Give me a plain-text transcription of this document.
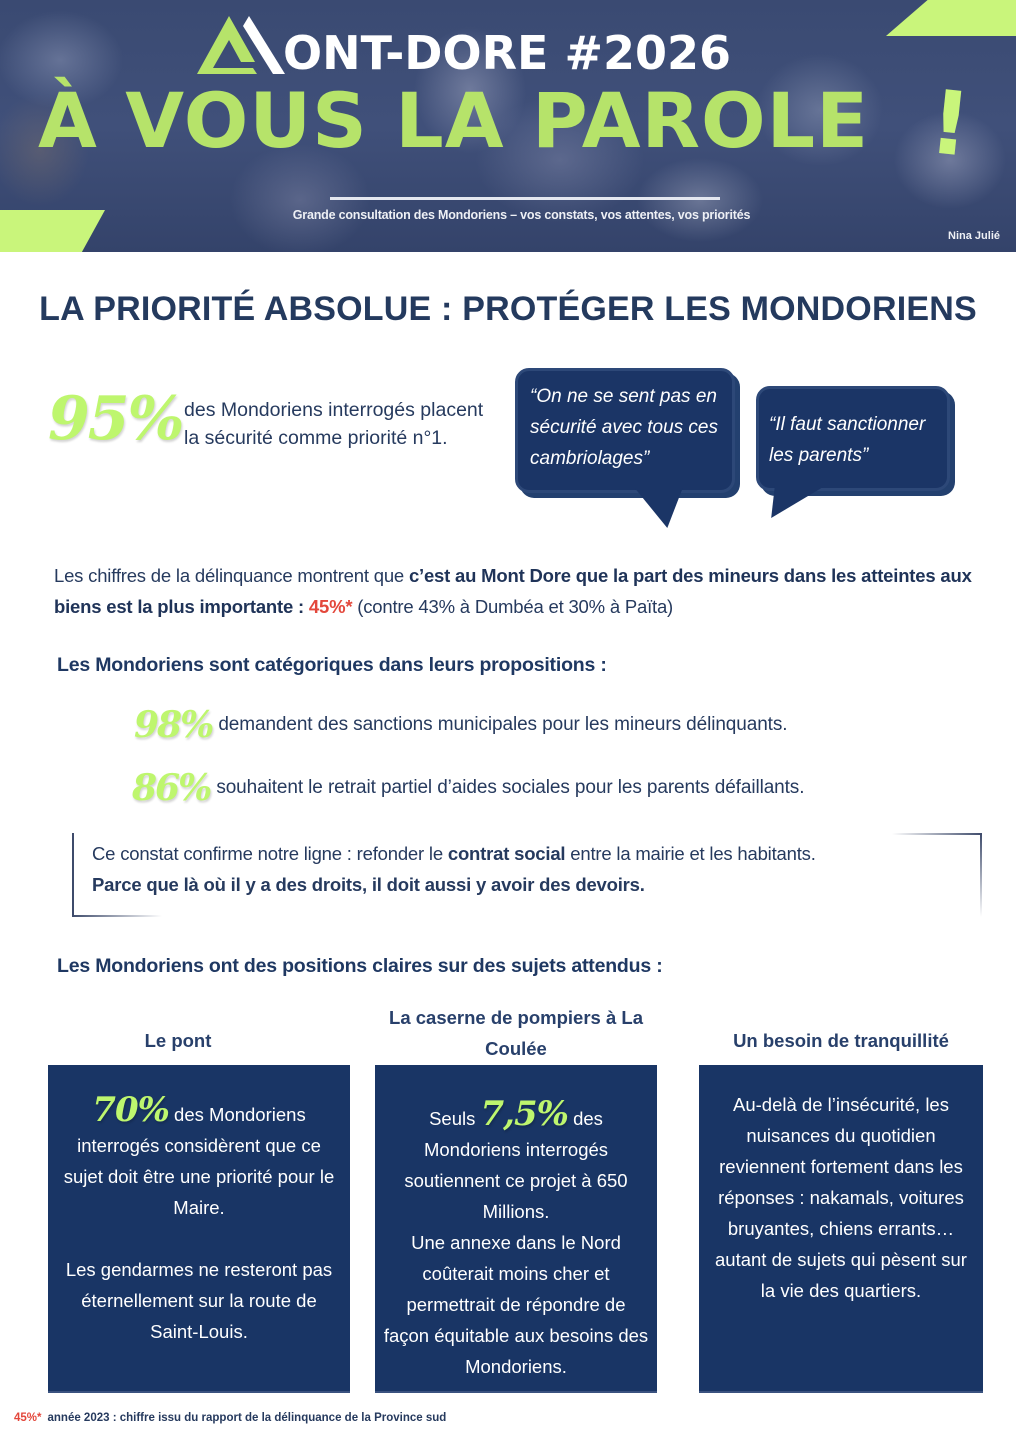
ONT-DORE #2026
À VOUS LA PAROLE !
Grande consultation des Mondoriens – vos constats, vos attentes, vos priorités
Nina Julié
LA PRIORITÉ ABSOLUE : PROTÉGER LES MONDORIENS
95% des Mondoriens interrogés placent la sécurité comme priorité n°1.
“On ne se sent pas en sécurité avec tous ces cambriolages”
“Il faut sanctionner les parents”

Les chiffres de la délinquance montrent que c’est au Mont Dore que la part des mineurs dans les atteintes aux biens est la plus importante : 45%* (contre 43% à Dumbéa et 30% à Païta)

Les Mondoriens sont catégoriques dans leurs propositions :
98% demandent des sanctions municipales pour les mineurs délinquants.
86% souhaitent le retrait partiel d’aides sociales pour les parents défaillants.

Ce constat confirme notre ligne : refonder le contrat social entre la mairie et les habitants.
Parce que là où il y a des droits, il doit aussi y avoir des devoirs.

Les Mondoriens ont des positions claires sur des sujets attendus :
Le pont
La caserne de pompiers à La Coulée	Un besoin de tranquillité

70% des Mondoriens interrogés considèrent que ce sujet doit être une priorité pour le Maire.

Les gendarmes ne resteront pas éternellement sur la route de Saint-Louis.

Seuls 7,5% des Mondoriens interrogés soutiennent ce projet à 650 Millions.

Une annexe dans le Nord coûterait moins cher et permettrait de répondre de façon équitable aux besoins des Mondoriens.

Au-delà de l’insécurité, les nuisances du quotidien reviennent fortement dans les réponses : nakamals, voitures bruyantes, chiens errants… autant de sujets qui pèsent sur la vie des quartiers.

45%* année 2023 : chiffre issu du rapport de la délinquance de la Province sud
